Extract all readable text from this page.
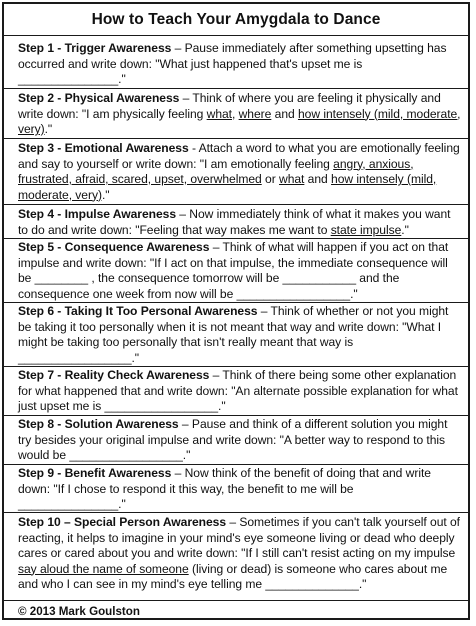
How to Teach Your Amygdala to Dance
Step 1 - Trigger Awareness – Pause immediately after something upsetting has occurred and write down: "What just happened that's upset me is _______________."
Step 2 - Physical Awareness – Think of where you are feeling it physically and write down: "I am physically feeling what, where and how intensely (mild, moderate, very)."
Step 3 - Emotional Awareness - Attach a word to what you are emotionally feeling and say to yourself or write down: "I am emotionally feeling angry, anxious, frustrated, afraid, scared, upset, overwhelmed or what and how intensely (mild, moderate, very)."
Step 4 - Impulse Awareness – Now immediately think of what it makes you want to do and write down: "Feeling that way makes me want to state impulse."
Step 5 - Consequence Awareness – Think of what will happen if you act on that impulse and write down: "If I act on that impulse, the immediate consequence will be ________ , the consequence tomorrow will be ___________ and the consequence one week from now will be _________________."
Step 6 - Taking It Too Personal Awareness – Think of whether or not you might be taking it too personally when it is not meant that way and write down: "What I might be taking too personally that isn't really meant that way is _________________."
Step 7 - Reality Check Awareness – Think of there being some other explanation for what happened that and write down: "An alternate possible explanation for what just upset me is _________________."
Step 8 - Solution Awareness – Pause and think of a different solution you might try besides your original impulse and write down: "A better way to respond to this would be _________________."
Step 9 - Benefit Awareness – Now think of the benefit of doing that and write down: "If I chose to respond it this way, the benefit to me will be _______________."
Step 10 – Special Person Awareness – Sometimes if you can't talk yourself out of reacting, it helps to imagine in your mind's eye someone living or dead who deeply cares or cared about you and write down: "If I still can't resist acting on my impulse say aloud the name of someone (living or dead) is someone who cares about me and who I can see in my mind's eye telling me ______________."
© 2013 Mark Goulston
